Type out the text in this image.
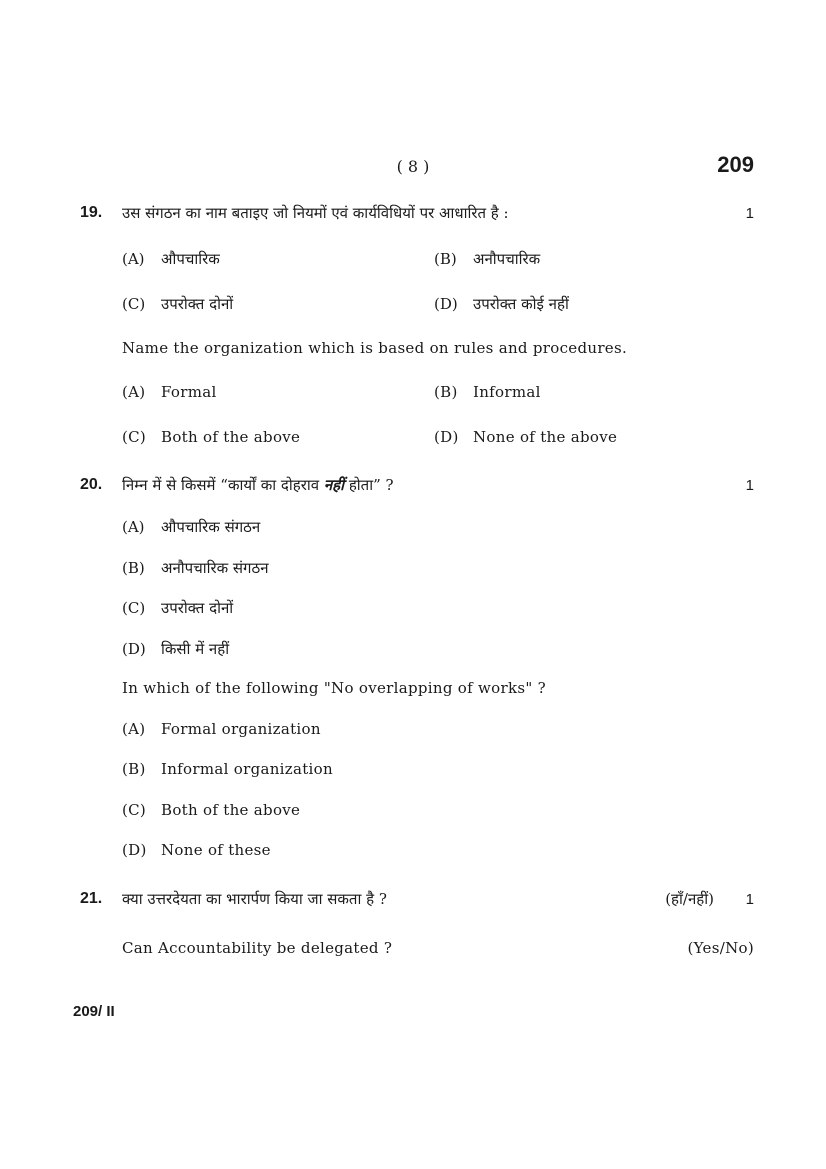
( 8 )	209
19. उस संगठन का नाम बताइए जो नियमों एवं कार्यविधियों पर आधारित है :	1
(A) औपचारिक	(B) अनौपचारिक
(C) उपरोक्त दोनों	(D) उपरोक्त कोई नहीं
Name the organization which is based on rules and procedures.
(A) Formal	(B) Informal
(C) Both of the above	(D) None of the above
20. निम्न में से किसमें “कार्यों का दोहराव नहीं होता” ?	1
(A) औपचारिक संगठन
(B) अनौपचारिक संगठन
(C) उपरोक्त दोनों
(D) किसी में नहीं
In which of the following "No overlapping of works" ?
(A) Formal organization
(B) Informal organization
(C) Both of the above
(D) None of these
21. क्या उत्तरदेयता का भारार्पण किया जा सकता है ?	(हाँ/नहीं) 1
Can Accountability be delegated ?	(Yes/No)
209/ II
